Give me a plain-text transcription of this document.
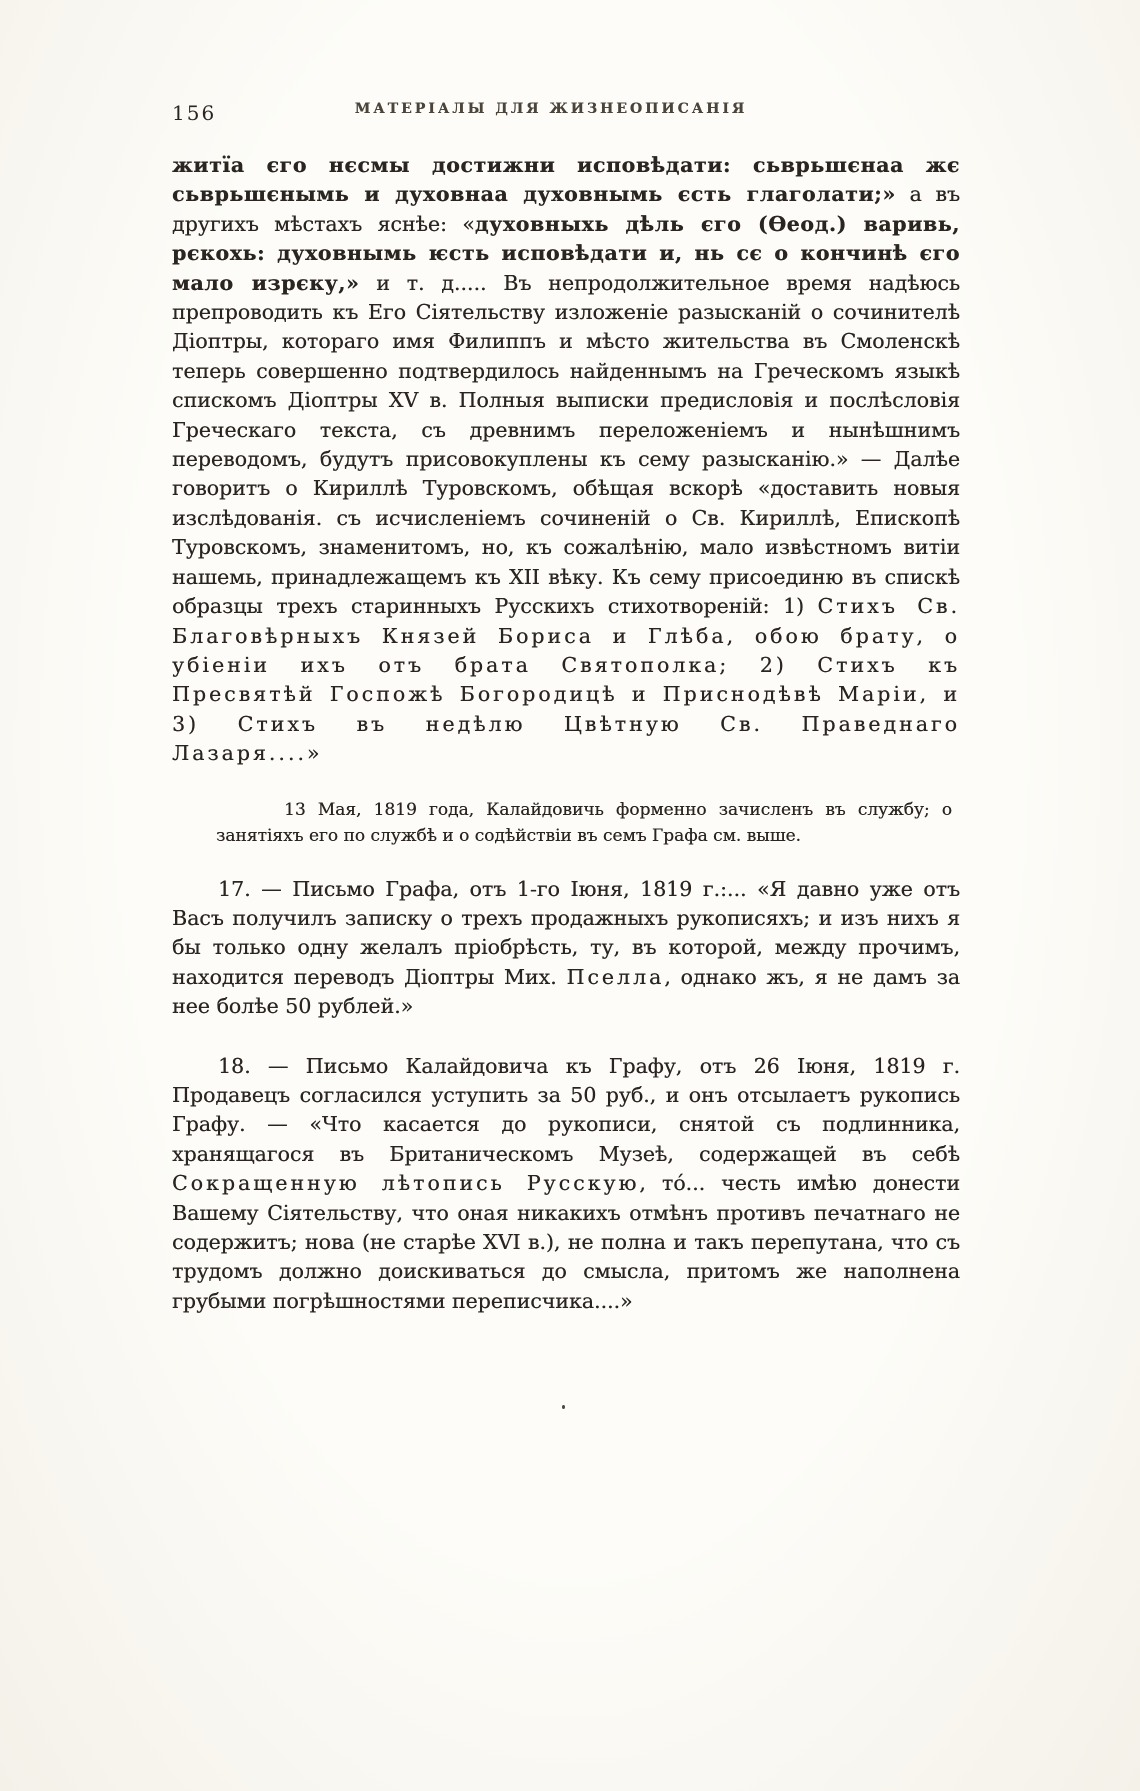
156	МАТЕРІАЛЫ ДЛЯ ЖИЗНЕОПИСАНІЯ

житїа єго нєсмы достижни исповѣдати: сьврьшєнаа жє сьврьшєнымь и духовнаа духовнымь єсть глаголати;» а въ другихъ мѣстахъ яснѣе: «духовныхь дѣль єго (Ѳеод.) варивь, рєкохь: духовнымь ѥсть исповѣдати и, нь сє о кончинѣ єго мало изрєку,» и т. д..... Въ непродолжительное время надѣюсь препроводить къ Его Сіятельству изложеніе разысканій о сочинителѣ Діоптры, котораго имя Филиппъ и мѣсто жительства въ Смоленскѣ теперь совершенно подтвердилось найденнымъ на Греческомъ языкѣ спискомъ Діоптры XV в. Полныя выписки предисловія и послѣсловія Греческаго текста, съ древнимъ переложеніемъ и нынѣшнимъ переводомъ, будутъ присовокуплены къ сему разысканію.» — Далѣе говоритъ о Кириллѣ Туровскомъ, обѣщая вскорѣ «доставить новыя изслѣдованія. съ исчисленіемъ сочиненій о Св. Кириллѣ, Епископѣ Туровскомъ, знаменитомъ, но, къ сожалѣнію, мало извѣстномъ витіи нашемь, принадлежащемъ къ XII вѣку. Къ сему присоединю въ спискѣ образцы трехъ старинныхъ Русскихъ стихотвореній: 1) Стихъ Св. Благовѣрныхъ Князей Бориса и Глѣба, обою брату, о убіеніи ихъ отъ брата Святополка; 2) Стихъ къ Пресвятѣй Госпожѣ Богородицѣ и Приснодѣвѣ Маріи, и 3) Стихъ въ недѣлю Цвѣтную Св. Праведнаго Лазаря....»

13 Мая, 1819 года, Калайдовичь форменно зачисленъ въ службу; о занятіяхъ его по службѣ и о содѣйствіи въ семъ Графа см. выше.

17. — Письмо Графа, отъ 1-го Іюня, 1819 г.:... «Я давно уже отъ Васъ получилъ записку о трехъ продажныхъ рукописяхъ; и изъ нихъ я бы только одну желалъ пріобрѣсть, ту, въ которой, между прочимъ, находится переводъ Діоптры Мих. Пселла, однако жъ, я не дамъ за нее болѣе 50 рублей.»

18. — Письмо Калайдовича къ Графу, отъ 26 Іюня, 1819 г. Продавецъ согласился уступить за 50 руб., и онъ отсылаетъ рукопись Графу. — «Что касается до рукописи, снятой съ подлинника, хранящагося въ Британическомъ Музеѣ, содержащей въ себѣ Сокращенную лѣтопись Русскую, то́... честь имѣю донести Вашему Сіятельству, что оная никакихъ отмѣнъ противъ печатнаго не содержитъ; нова (не старѣе XVI в.), не полна и такъ перепутана, что съ трудомъ должно доискиваться до смысла, притомъ же наполнена грубыми погрѣшностями переписчика....»
